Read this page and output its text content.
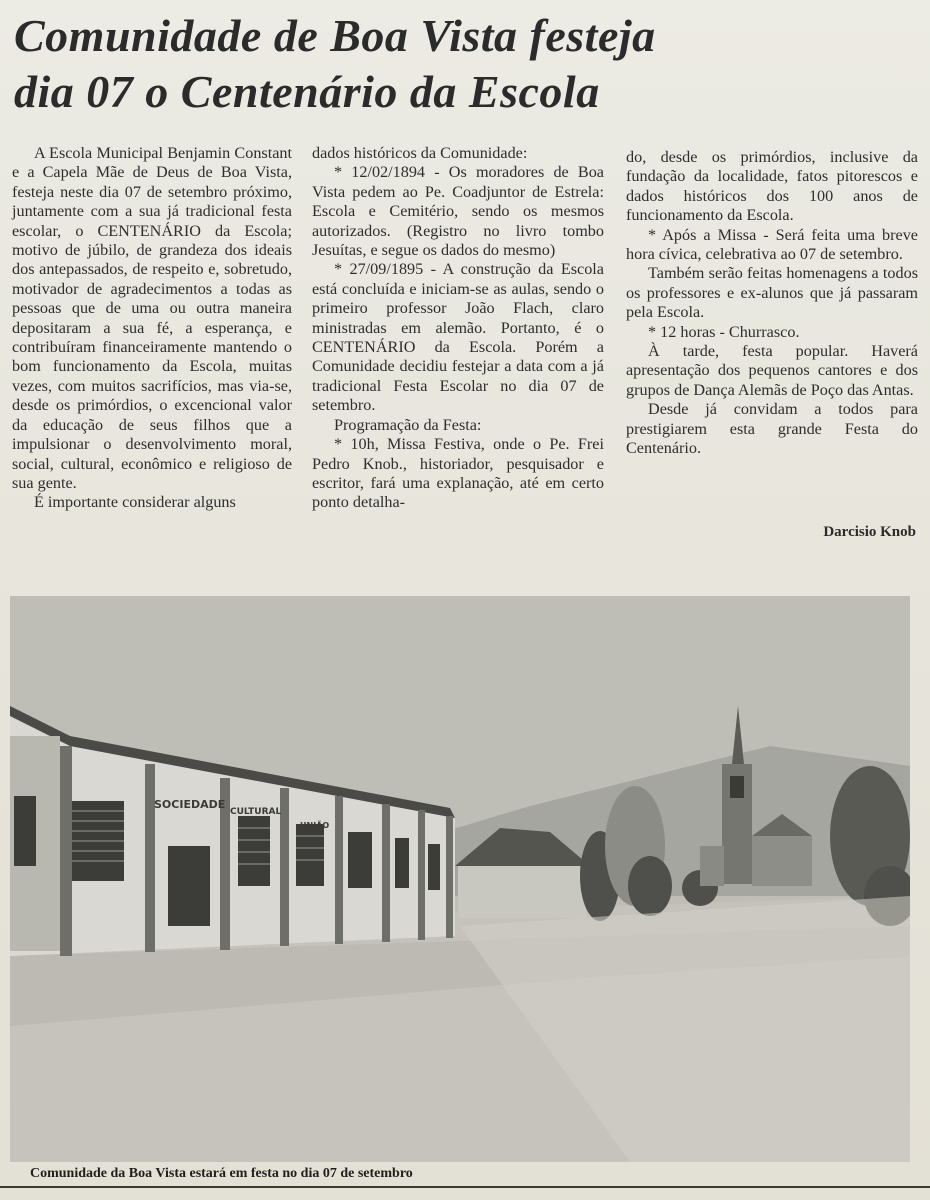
Comunidade de Boa Vista festeja
dia 07 o Centenário da Escola

A Escola Municipal Benjamin Constant e a Capela Mãe de Deus de Boa Vista, festeja neste dia 07 de setembro próximo, juntamente com a sua já tradicional festa escolar, o CENTENÁRIO da Escola; motivo de júbilo, de grandeza dos ideais dos antepassados, de respeito e, sobretudo, motivador de agradecimentos a todas as pessoas que de uma ou outra maneira depositaram a sua fé, a esperança, e contribuíram financeiramente mantendo o bom funcionamento da Escola, muitas vezes, com muitos sacrifícios, mas via-se, desde os primórdios, o excencional valor da educação de seus filhos que a impulsionar o desenvolvimento moral, social, cultural, econômico e religioso de sua gente.

É importante considerar alguns

dados históricos da Comunidade:

* 12/02/1894 - Os moradores de Boa Vista pedem ao Pe. Coadjuntor de Estrela: Escola e Cemitério, sendo os mesmos autorizados. (Registro no livro tombo Jesuítas, e segue os dados do mesmo)

* 27/09/1895 - A construção da Escola está concluída e iniciam-se as aulas, sendo o primeiro professor João Flach, claro ministradas em alemão. Portanto, é o CENTENÁRIO da Escola. Porém a Comunidade decidiu festejar a data com a já tradicional Festa Escolar no dia 07 de setembro.

Programação da Festa:

* 10h, Missa Festiva, onde o Pe. Frei Pedro Knob., historiador, pesquisador e escritor, fará uma explanação, até em certo ponto detalha-

do, desde os primórdios, inclusive da fundação da localidade, fatos pitorescos e dados históricos dos 100 anos de funcionamento da Escola.

* Após a Missa - Será feita uma breve hora cívica, celebrativa ao 07 de setembro.

Também serão feitas homenagens a todos os professores e ex-alunos que já passaram pela Escola.

* 12 horas - Churrasco.

À tarde, festa popular. Haverá apresentação dos pequenos cantores e dos grupos de Dança Alemãs de Poço das Antas.

Desde já convidam a todos para prestigiarem esta grande Festa do Centenário.

Darcisio Knob
SOCIEDADE
CULTURAL
UNIÃO
Comunidade da Boa Vista estará em festa no dia 07 de setembro
